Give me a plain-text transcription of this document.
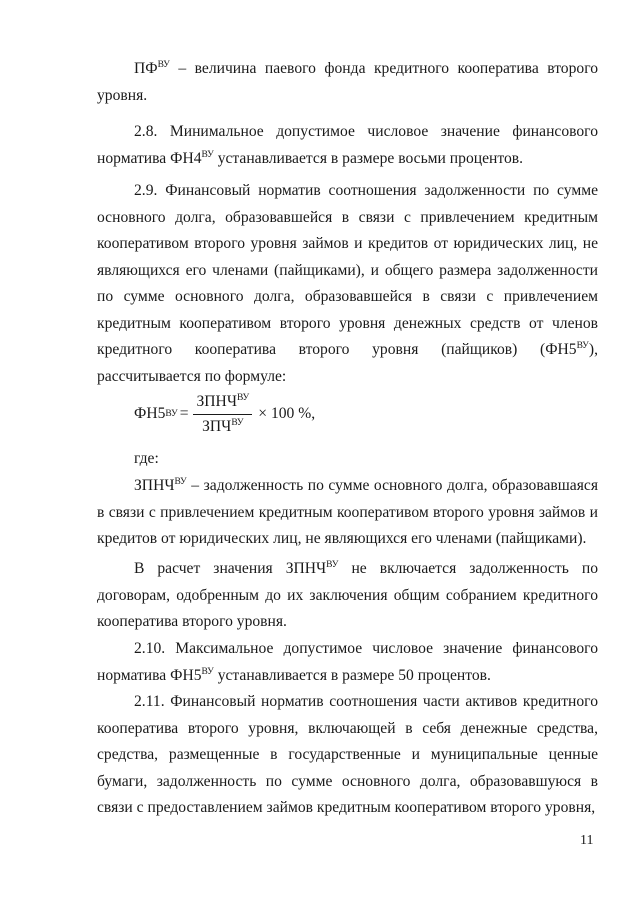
$ПФ^{ВУ}$ – величина паевого фонда кредитного кооператива второго уровня.

2.8. Минимальное допустимое числовое значение финансового норматива $ФН4^{ВУ}$ устанавливается в размере восьми процентов.

2.9. Финансовый норматив соотношения задолженности по сумме основного долга, образовавшейся в связи с привлечением кредитным кооперативом второго уровня займов и кредитов от юридических лиц, не являющихся его членами (пайщиками), и общего размера задолженности по сумме основного долга, образовавшейся в связи с привлечением кредитным кооперативом второго уровня денежных средств от членов кредитного кооператива второго уровня (пайщиков) $(ФН5^{ВУ})$, рассчитывается по формуле:

ФН5 ВУ = $\frac{ЗПНЧ^{ВУ}}{ЗПЧ^{ВУ}} \times 100$ %,

где:

$ЗПНЧ^{ВУ}$ – задолженность по сумме основного долга, образовавшаяся в связи с привлечением кредитным кооперативом второго уровня займов и кредитов от юридических лиц, не являющихся его членами (пайщиками).

В расчет значения $ЗПНЧ^{ВУ}$ не включается задолженность по договорам, одобренным до их заключения общим собранием кредитного кооператива второго уровня.

2.10. Максимальное допустимое числовое значение финансового норматива $ФН5^{ВУ}$ устанавливается в размере 50 процентов.

2.11. Финансовый норматив соотношения части активов кредитного кооператива второго уровня, включающей в себя денежные средства, средства, размещенные в государственные и муниципальные ценные бумаги, задолженность по сумме основного долга, образовавшуюся в связи с предоставлением займов кредитным кооперативом второго уровня,

11
